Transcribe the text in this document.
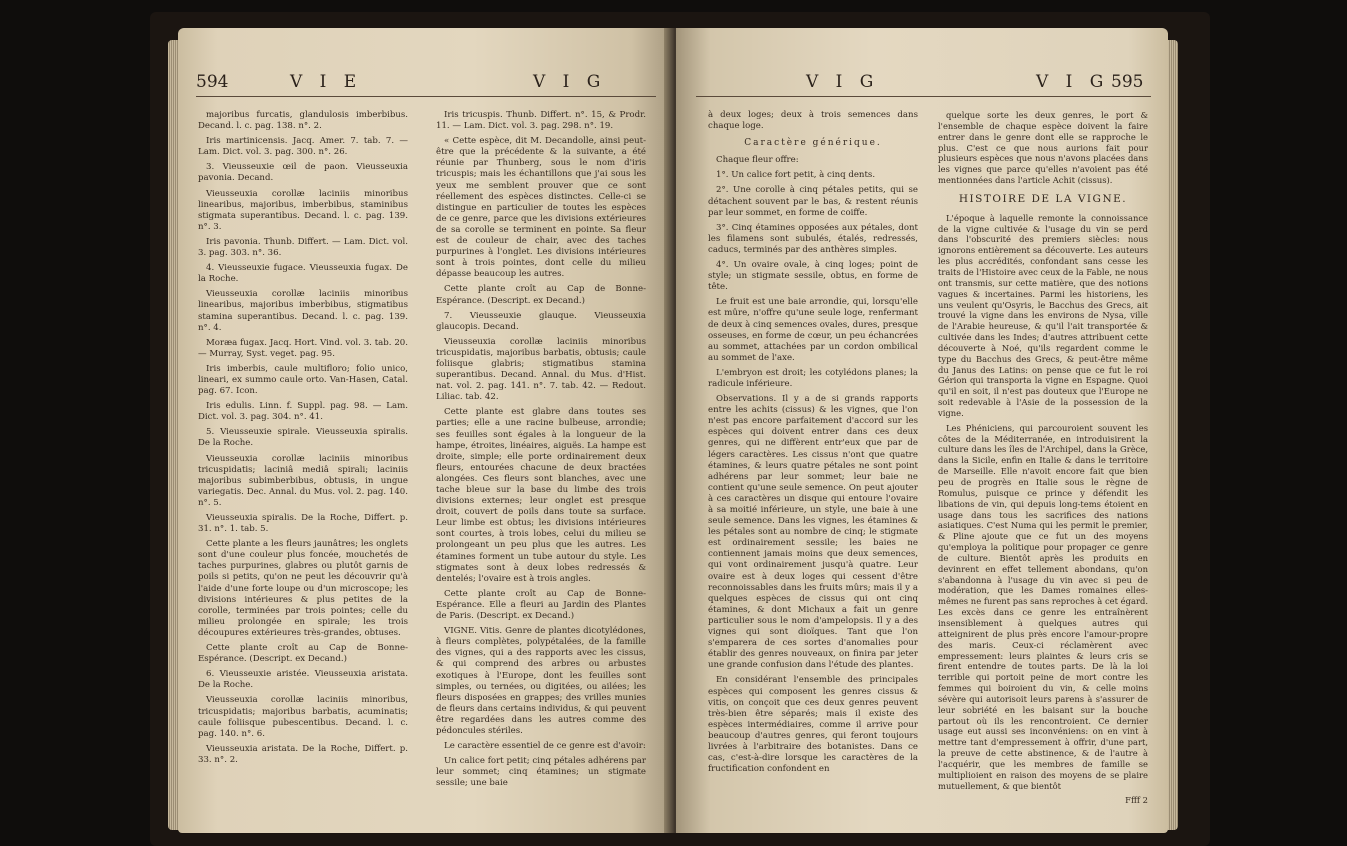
594	V I E	V I G

majoribus furcatis, glandulosis imberbibus. Decand. l. c. pag. 138. n°. 2.

Iris martinicensis. Jacq. Amer. 7. tab. 7. — Lam. Dict. vol. 3. pag. 300. n°. 26.

3. Vieusseuxie œil de paon. Vieusseuxia pavonia. Decand.

Vieusseuxia corollæ laciniis minoribus linearibus, majoribus, imberbibus, staminibus stigmata superantibus. Decand. l. c. pag. 139. n°. 3.

Iris pavonia. Thunb. Differt. — Lam. Dict. vol. 3. pag. 303. n°. 36.

4. Vieusseuxie fugace. Vieusseuxia fugax. De la Roche.

Vieusseuxia corollæ laciniis minoribus linearibus, majoribus imberbibus, stigmatibus stamina superantibus. Decand. l. c. pag. 139. n°. 4.

Moræa fugax. Jacq. Hort. Vind. vol. 3. tab. 20. — Murray, Syst. veget. pag. 95.

Iris imberbis, caule multifloro; folio unico, lineari, ex summo caule orto. Van-Hasen, Catal. pag. 67. Icon.

Iris edulis. Linn. f. Suppl. pag. 98. — Lam. Dict. vol. 3. pag. 304. n°. 41.

5. Vieusseuxie spirale. Vieusseuxia spiralis. De la Roche.

Vieusseuxia corollæ laciniis minoribus tricuspidatis; laciniâ mediâ spirali; laciniis majoribus subimberbibus, obtusis, in ungue variegatis. Dec. Annal. du Mus. vol. 2. pag. 140. n°. 5.

Vieusseuxia spiralis. De la Roche, Differt. p. 31. n°. 1. tab. 5.

Cette plante a les fleurs jaunâtres; les onglets sont d'une couleur plus foncée, mouchetés de taches purpurines, glabres ou plutôt garnis de poils si petits, qu'on ne peut les découvrir qu'à l'aide d'une forte loupe ou d'un microscope; les divisions intérieures & plus petites de la corolle, terminées par trois pointes; celle du milieu prolongée en spirale; les trois découpures extérieures très-grandes, obtuses.

Cette plante croît au Cap de Bonne-Espérance. (Descript. ex Decand.)

6. Vieusseuxie aristée. Vieusseuxia aristata. De la Roche.

Vieusseuxia corollæ laciniis minoribus, tricuspidatis; majoribus barbatis, acuminatis; caule foliisque pubescentibus. Decand. l. c. pag. 140. n°. 6.

Vieusseuxia aristata. De la Roche, Differt. p. 33. n°. 2.

Iris tricuspis. Thunb. Differt. n°. 15, & Prodr. 11. — Lam. Dict. vol. 3. pag. 298. n°. 19.

« Cette espèce, dit M. Decandolle, ainsi peut-être que la précédente & la suivante, a été réunie par Thunberg, sous le nom d'iris tricuspis; mais les échantillons que j'ai sous les yeux me semblent prouver que ce sont réellement des espèces distinctes. Celle-ci se distingue en particulier de toutes les espèces de ce genre, parce que les divisions extérieures de sa corolle se terminent en pointe. Sa fleur est de couleur de chair, avec des taches purpurines à l'onglet. Les divisions intérieures sont à trois pointes, dont celle du milieu dépasse beaucoup les autres.

Cette plante croît au Cap de Bonne-Espérance. (Descript. ex Decand.)

7. Vieusseuxie glauque. Vieusseuxia glaucopis. Decand.

Vieusseuxia corollæ laciniis minoribus tricuspidatis, majoribus barbatis, obtusis; caule foliisque glabris; stigmatibus stamina superantibus. Decand. Annal. du Mus. d'Hist. nat. vol. 2. pag. 141. n°. 7. tab. 42. — Redout. Liliac. tab. 42.

Cette plante est glabre dans toutes ses parties; elle a une racine bulbeuse, arrondie; ses feuilles sont égales à la longueur de la hampe, étroites, linéaires, aiguës. La hampe est droite, simple; elle porte ordinairement deux fleurs, entourées chacune de deux bractées alongées. Ces fleurs sont blanches, avec une tache bleue sur la base du limbe des trois divisions externes; leur onglet est presque droit, couvert de poils dans toute sa surface. Leur limbe est obtus; les divisions intérieures sont courtes, à trois lobes, celui du milieu se prolongeant un peu plus que les autres. Les étamines forment un tube autour du style. Les stigmates sont à deux lobes redressés & dentelés; l'ovaire est à trois angles.

Cette plante croît au Cap de Bonne-Espérance. Elle a fleuri au Jardin des Plantes de Paris. (Descript. ex Decand.)

VIGNE. Vitis. Genre de plantes dicotylédones, à fleurs complètes, polypétalées, de la famille des vignes, qui a des rapports avec les cissus, & qui comprend des arbres ou arbustes exotiques à l'Europe, dont les feuilles sont simples, ou ternées, ou digitées, ou ailées; les fleurs disposées en grappes; des vrilles munies de fleurs dans certains individus, & qui peuvent être regardées dans les autres comme des pédoncules stériles.

Le caractère essentiel de ce genre est d'avoir:

Un calice fort petit; cinq pétales adhérens par leur sommet; cinq étamines; un stigmate sessile; une baie

V I G	V I G 595

à deux loges; deux à trois semences dans chaque loge.

Caractère générique.

Chaque fleur offre:

1°. Un calice fort petit, à cinq dents.

2°. Une corolle à cinq pétales petits, qui se détachent souvent par le bas, & restent réunis par leur sommet, en forme de coiffe.

3°. Cinq étamines opposées aux pétales, dont les filamens sont subulés, étalés, redressés, caducs, terminés par des anthères simples.

4°. Un ovaire ovale, à cinq loges; point de style; un stigmate sessile, obtus, en forme de tête.

Le fruit est une baie arrondie, qui, lorsqu'elle est mûre, n'offre qu'une seule loge, renfermant de deux à cinq semences ovales, dures, presque osseuses, en forme de cœur, un peu échancrées au sommet, attachées par un cordon ombilical au sommet de l'axe.

L'embryon est droit; les cotylédons planes; la radicule inférieure.

Observations. Il y a de si grands rapports entre les achits (cissus) & les vignes, que l'on n'est pas encore parfaitement d'accord sur les espèces qui doivent entrer dans ces deux genres, qui ne diffèrent entr'eux que par de légers caractères. Les cissus n'ont que quatre étamines, & leurs quatre pétales ne sont point adhérens par leur sommet; leur baie ne contient qu'une seule semence. On peut ajouter à ces caractères un disque qui entoure l'ovaire à sa moitié inférieure, un style, une baie à une seule semence. Dans les vignes, les étamines & les pétales sont au nombre de cinq; le stigmate est ordinairement sessile; les baies ne contiennent jamais moins que deux semences, qui vont ordinairement jusqu'à quatre. Leur ovaire est à deux loges qui cessent d'être reconnoissables dans les fruits mûrs; mais il y a quelques espèces de cissus qui ont cinq étamines, & dont Michaux a fait un genre particulier sous le nom d'ampelopsis. Il y a des vignes qui sont dioïques. Tant que l'on s'emparera de ces sortes d'anomalies pour établir des genres nouveaux, on finira par jeter une grande confusion dans l'étude des plantes.

En considérant l'ensemble des principales espèces qui composent les genres cissus & vitis, on conçoit que ces deux genres peuvent très-bien être séparés; mais il existe des espèces intermédiaires, comme il arrive pour beaucoup d'autres genres, qui feront toujours livrées à l'arbitraire des botanistes. Dans ce cas, c'est-à-dire lorsque les caractères de la fructification confondent en

quelque sorte les deux genres, le port & l'ensemble de chaque espèce doivent la faire entrer dans le genre dont elle se rapproche le plus. C'est ce que nous aurions fait pour plusieurs espèces que nous n'avons placées dans les vignes que parce qu'elles n'avoient pas été mentionnées dans l'article Achit (cissus).

HISTOIRE DE LA VIGNE.

L'époque à laquelle remonte la connoissance de la vigne cultivée & l'usage du vin se perd dans l'obscurité des premiers siècles: nous ignorons entièrement sa découverte. Les auteurs les plus accrédités, confondant sans cesse les traits de l'Histoire avec ceux de la Fable, ne nous ont transmis, sur cette matière, que des notions vagues & incertaines. Parmi les historiens, les uns veulent qu'Osyris, le Bacchus des Grecs, ait trouvé la vigne dans les environs de Nysa, ville de l'Arabie heureuse, & qu'il l'ait transportée & cultivée dans les Indes; d'autres attribuent cette découverte à Noé, qu'ils regardent comme le type du Bacchus des Grecs, & peut-être même du Janus des Latins: on pense que ce fut le roi Gérion qui transporta la vigne en Espagne. Quoi qu'il en soit, il n'est pas douteux que l'Europe ne soit redevable à l'Asie de la possession de la vigne.

Les Phéniciens, qui parcouroient souvent les côtes de la Méditerranée, en introduisirent la culture dans les îles de l'Archipel, dans la Grèce, dans la Sicile, enfin en Italie & dans le territoire de Marseille. Elle n'avoit encore fait que bien peu de progrès en Italie sous le règne de Romulus, puisque ce prince y défendit les libations de vin, qui depuis long-tems étoient en usage dans tous les sacrifices des nations asiatiques. C'est Numa qui les permit le premier, & Pline ajoute que ce fut un des moyens qu'employa la politique pour propager ce genre de culture. Bientôt après les produits en devinrent en effet tellement abondans, qu'on s'abandonna à l'usage du vin avec si peu de modération, que les Dames romaines elles-mêmes ne furent pas sans reproches à cet égard. Les excès dans ce genre les entraînèrent insensiblement à quelques autres qui atteignirent de plus près encore l'amour-propre des maris. Ceux-ci réclamèrent avec empressement: leurs plaintes & leurs cris se firent entendre de toutes parts. De là la loi terrible qui portoit peine de mort contre les femmes qui boiroient du vin, & celle moins sévère qui autorisoit leurs parens à s'assurer de leur sobriété en les baisant sur la bouche partout où ils les rencontroient. Ce dernier usage eut aussi ses inconvéniens: on en vint à mettre tant d'empressement à offrir, d'une part, la preuve de cette abstinence, & de l'autre à l'acquérir, que les membres de famille se multiplioient en raison des moyens de se plaire mutuellement, & que bientôt

Ffff 2
